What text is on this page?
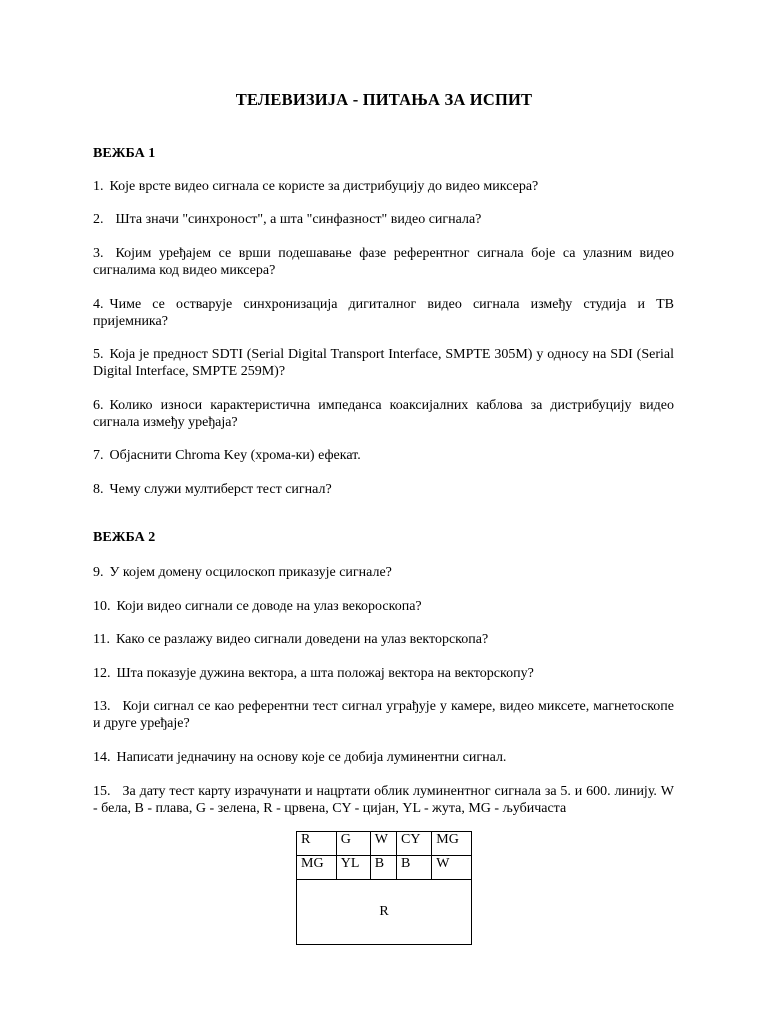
ТЕЛЕВИЗИЈА - ПИТАЊА ЗА ИСПИТ
ВЕЖБА 1
1. Које врсте видео сигнала се користе за дистрибуцију до видео миксера?
2. Шта значи "синхроност", а шта "синфазност" видео сигнала?
3. Којим уређајем се врши подешавање фазе референтног сигнала боје са улазним видео сигналима код видео миксера?
4. Чиме се остварује синхронизација дигиталног видео сигнала између студија и ТВ пријемника?
5. Која је предност SDTI (Serial Digital Transport Interface, SMPTE 305M) у односу на SDI (Serial Digital Interface, SMPTE 259M)?
6. Колико износи карактеристична импеданса коаксијалних каблова за дистрибуцију видео сигнала између уређаја?
7. Објаснити Chroma Key (хрома-ки) ефекат.
8. Чему служи мултиберст тест сигнал?
ВЕЖБА 2
9. У којем домену осцилоскоп приказује сигнале?
10. Који видео сигнали се доводе на улаз векороскопа?
11. Како се разлажу видео сигнали доведени на улаз векторскопа?
12. Шта показује дужина вектора, а шта положај вектора на векторскопу?
13. Који сигнал се као референтни тест сигнал уграђује у камере, видео миксете, магнетоскопе и друге уређаје?
14. Написати једначину на основу које се добија луминентни сигнал.
15. За дату тест карту израчунати и нацртати облик луминентног сигнала за 5. и 600. линију. W - бела, B - плава, G - зелена, R - црвена, CY - цијан, YL - жута, MG - љубичаста
R	G	W	CY	MG
MG	YL	B	B	W
R				
